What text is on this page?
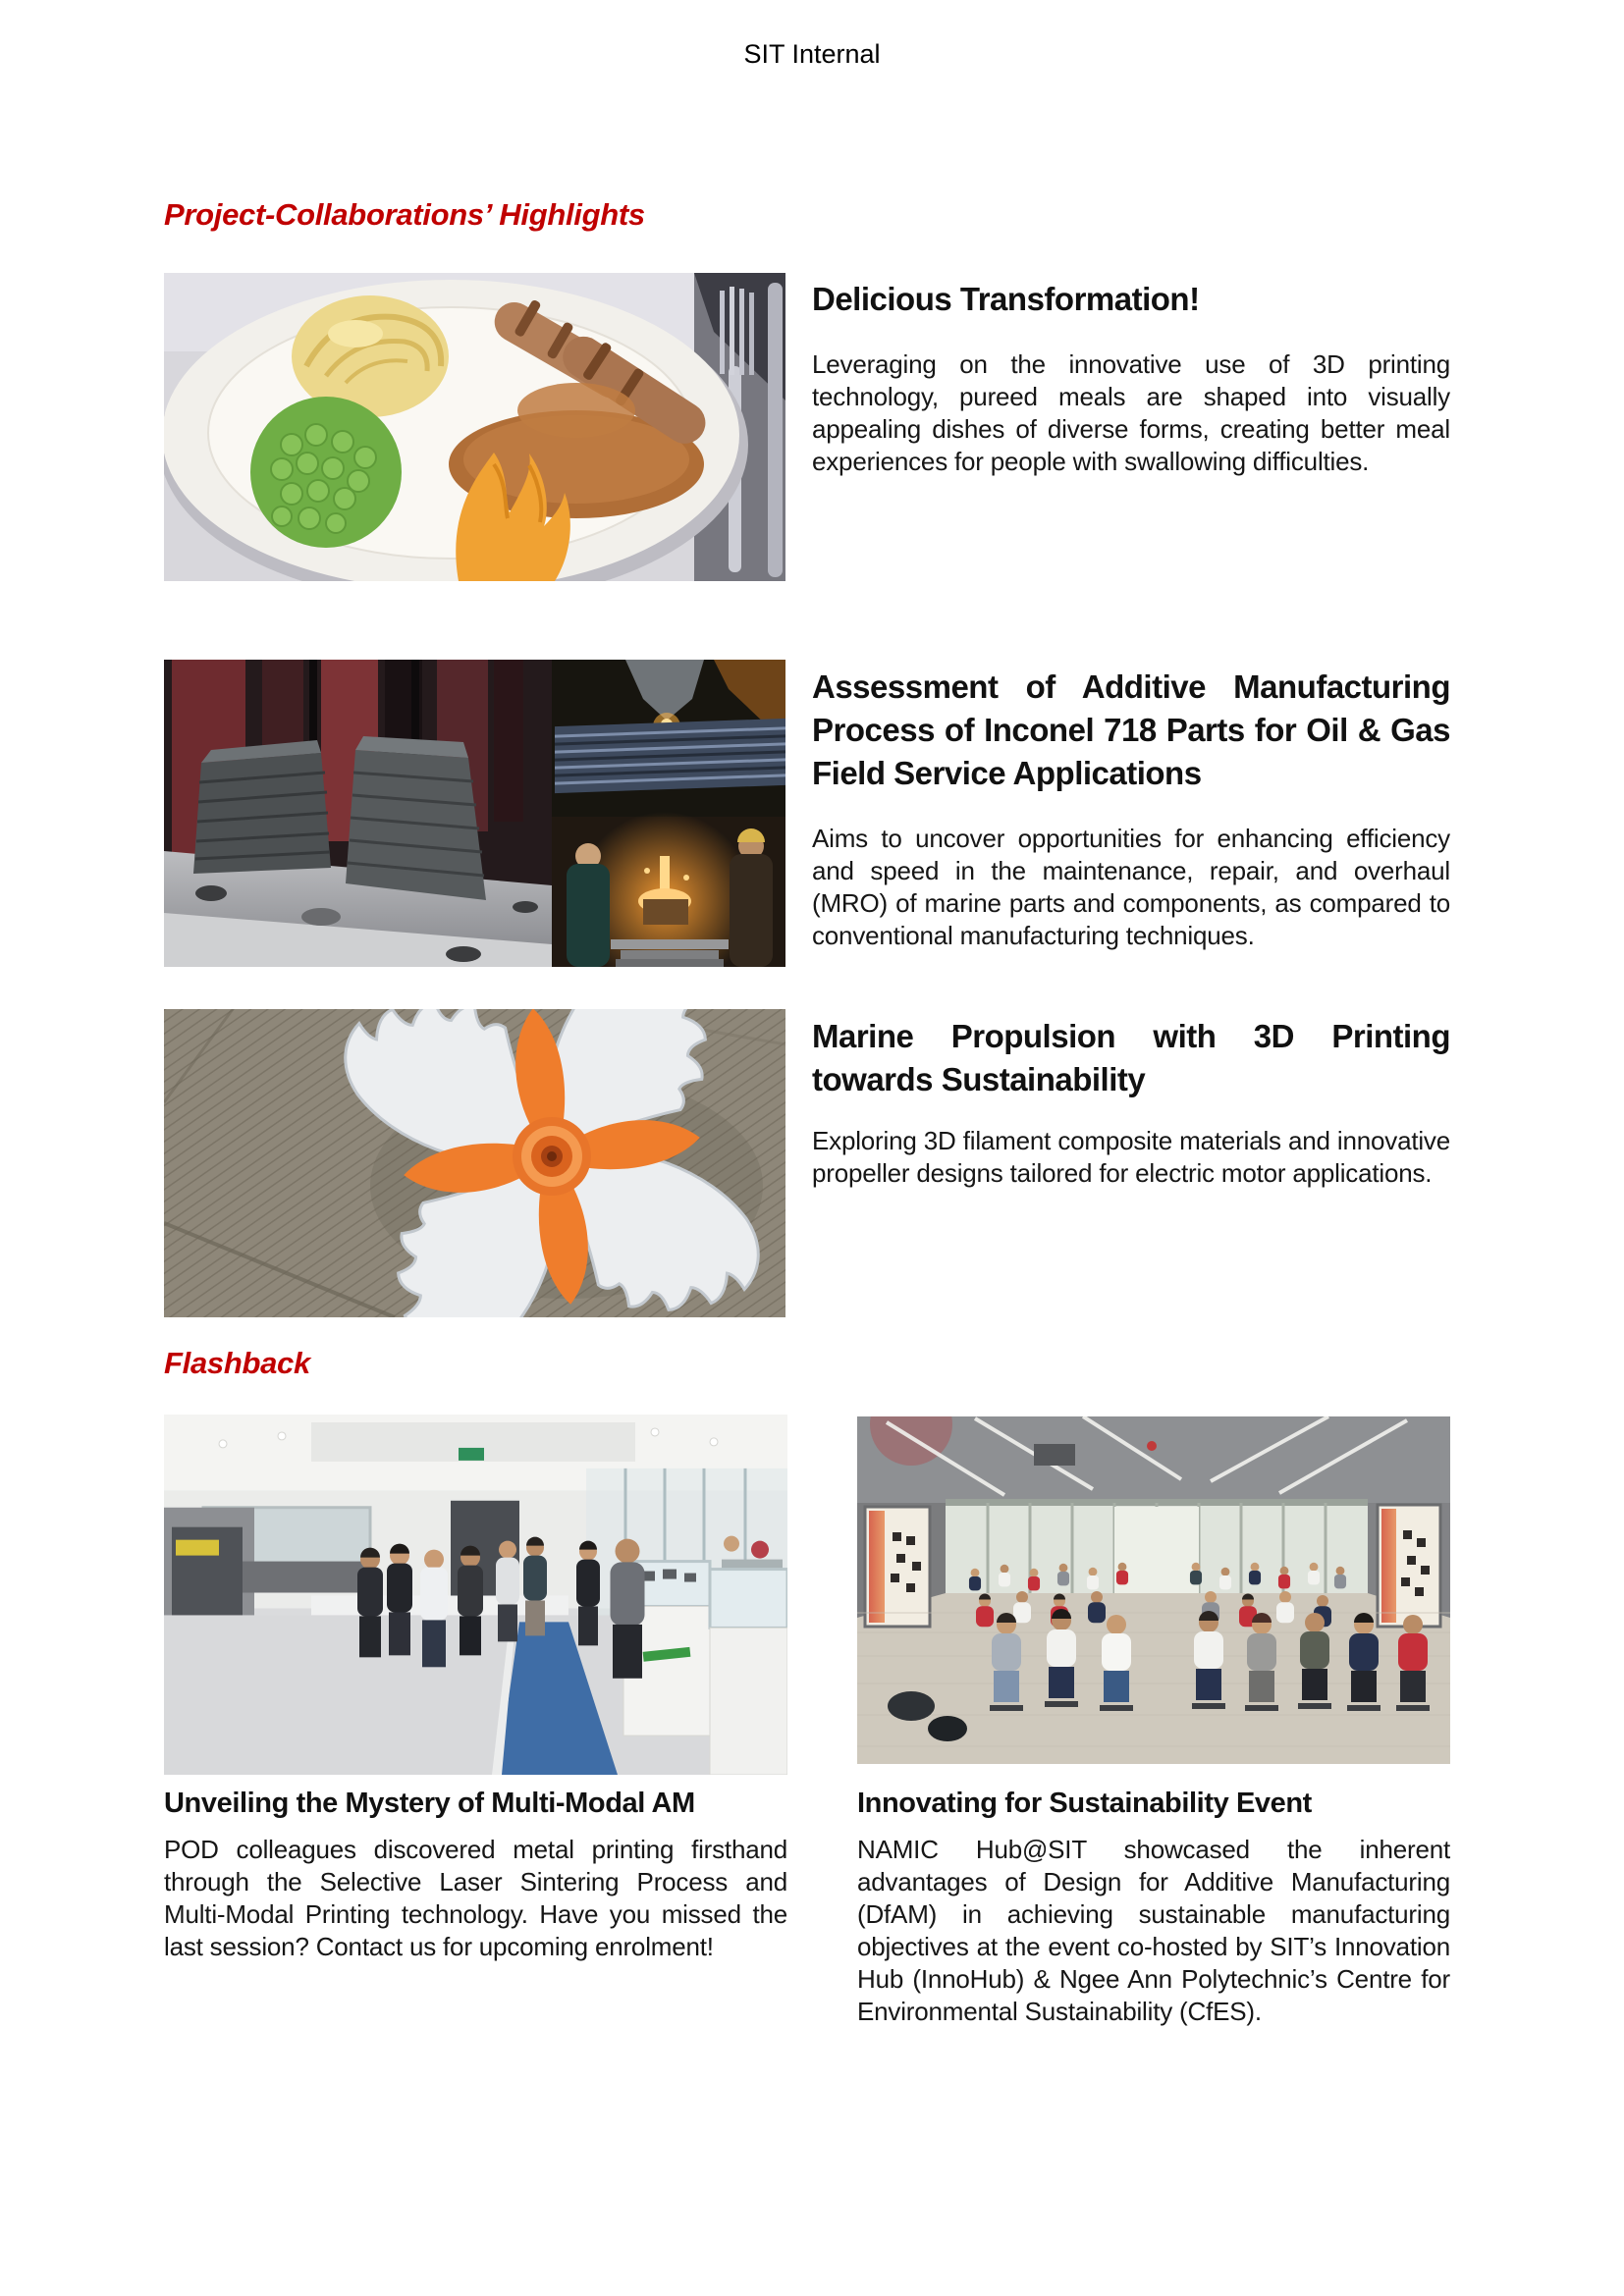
SIT Internal
Project-Collaborations’ Highlights
Delicious Transformation!
Leveraging on the innovative use of 3D printing technology, pureed meals are shaped into visually appealing dishes of diverse forms, creating better meal experiences for people with swallowing difficulties.
Assessment of Additive Manufacturing Process of Inconel 718 Parts for Oil & Gas Field Service Applications
Aims to uncover opportunities for enhancing efficiency and speed in the maintenance, repair, and overhaul (MRO) of marine parts and components, as compared to conventional manufacturing techniques.
Marine Propulsion with 3D Printing towards Sustainability
Exploring 3D filament composite materials and innovative propeller designs tailored for electric motor applications.
Flashback
Unveiling the Mystery of Multi-Modal AM
POD colleagues discovered metal printing firsthand through the Selective Laser Sintering Process and Multi-Modal Printing technology. Have you missed the last session? Contact us for upcoming enrolment!
Innovating for Sustainability Event
NAMIC Hub@SIT showcased the inherent advantages of Design for Additive Manufacturing (DfAM) in achieving sustainable manufacturing objectives at the event co-hosted by SIT’s Innovation Hub (InnoHub) & Ngee Ann Polytechnic’s Centre for Environmental Sustainability (CfES).
